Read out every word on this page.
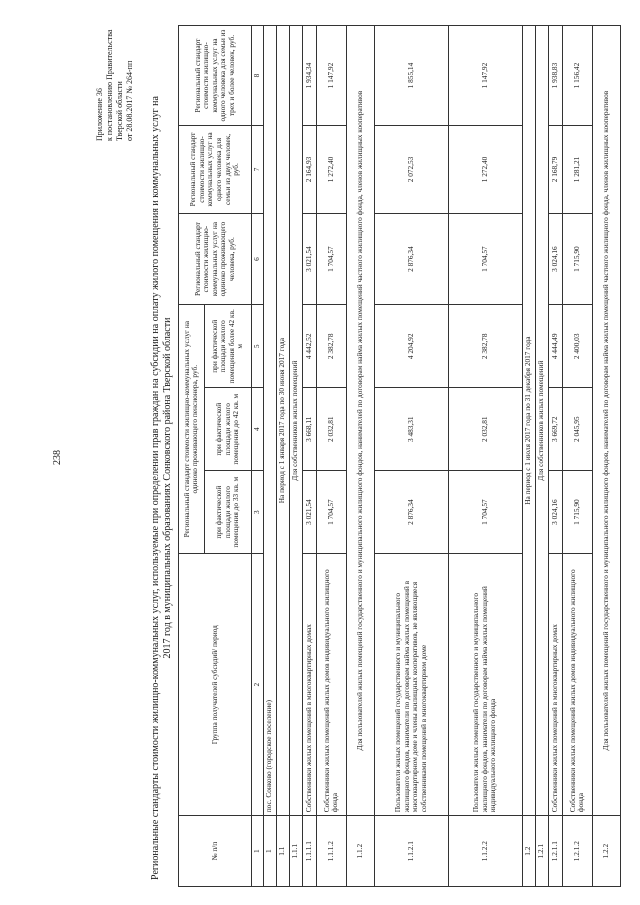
238
Приложение 36 к постановлению Правительства Тверской области от 28.08.2017 № 264-пп Региональные стандарты стоимости жилищно-коммунальных услуг, используемые при определении прав граждан на субсидии на оплату жилого помещения и коммунальных услуг на 2017 год в муниципальных образованиях Сонковского района Тверской области
№ п/п	Группа получателей субсидий/ период	Региональный стандарт стоимости жилищно-коммунальных услуг на одиноко проживающего пенсионера, руб.			Региональный стандарт стоимости жилищно-коммунальных услуг на одиноко проживающего человека, руб.	Региональный стандарт стоимости жилищно-коммунальных услуг на одного человека для семьи из двух человек, руб.	Региональный стандарт стоимости жилищно-коммунальных услуг на одного человека для семьи из трех и более человек, руб.
		при фактической площади жилого помещения до 33 кв. м	при фактической площади жилого помещения до 42 кв. м	при фактической площади жилого помещения более 42 кв. м			
1	2	3	4	5	6	7	8
1	пос. Сонково (городское поселение)						
1.1	На период с 1 января 2017 года по 30 июня 2017 года						
1.1.1	Для собственников жилых помещений						
1.1.1.1	Собственники жилых помещений в многоквартирных домах	3 021,54	3 668,11	4 442,52	3 021,54	2 164,93	1 934,34
1.1.1.2	Собственники жилых помещений жилых домов индивидуального жилищного фонда	1 704,57	2 032,81	2 382,78	1 704,57	1 272,40	1 147,92
1.1.2	Для пользователей жилых помещений государственного и муниципального жилищного фондов, нанимателей по договорам найма жилых помещений частного жилищного фонда, членов жилищных кооперативов						
1.1.2.1	Пользователи жилых помещений государственного и муниципального жилищного фондов, наниматели по договорам найма жилых помещений в многоквартирном доме и члены жилищных кооперативов, не являющиеся собственниками помещений в многоквартирном доме	2 876,34	3 483,31	4 204,92	2 876,34	2 072,53	1 855,14
1.1.2.2	Пользователи жилых помещений государственного и муниципального жилищного фондов, наниматели по договорам найма жилых помещений индивидуального жилищного фонда	1 704,57	2 032,81	2 382,78	1 704,57	1 272,40	1 147,92
1.2	На период с 1 июля 2017 года по 31 декабря 2017 года						
1.2.1	Для собственников жилых помещений						
1.2.1.1	Собственники жилых помещений в многоквартирных домах	3 024,16	3 669,72	4 444,49	3 024,16	2 168,79	1 938,83
1.2.1.2	Собственники жилых помещений жилых домов индивидуального жилищного фонда	1 715,90	2 045,95	2 400,03	1 715,90	1 281,21	1 156,42
1.2.2	Для пользователей жилых помещений государственного и муниципального жилищного фондов, нанимателей по договорам найма жилых помещений частного жилищного фонда, членов жилищных кооперативов						
